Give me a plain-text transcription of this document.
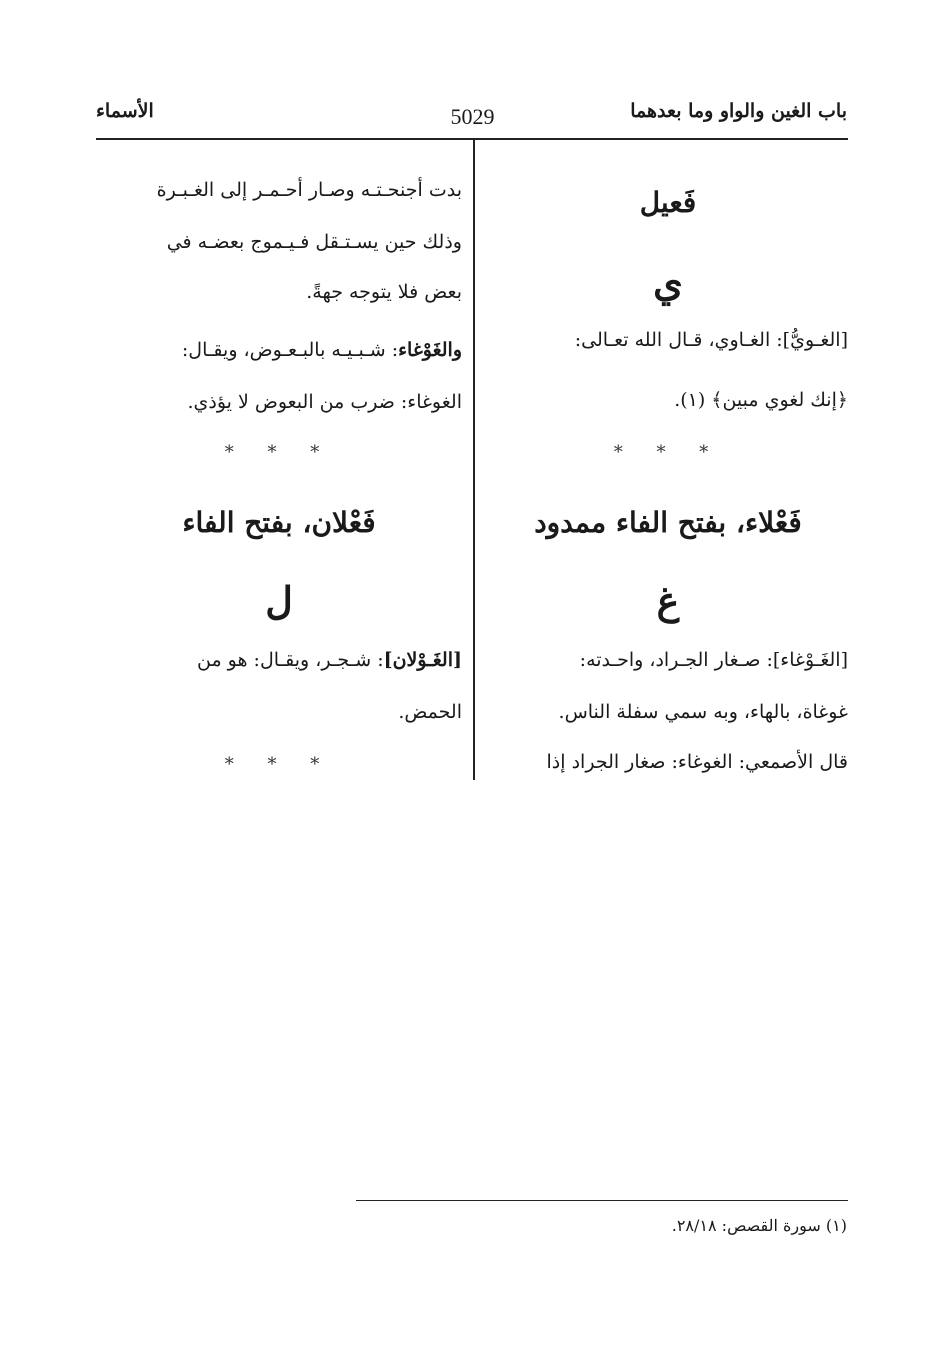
باب الغين والواو وما بعدهما
5029
الأسماء
فَعيل
ي
[الغـويُّ]: الغـاوي، قـال الله تعـالى:
﴿إنك لغوي مبين﴾ (١).
* * *
فَعْلاء، بفتح الفاء ممدود
غ
[الغَـوْغاء]: صـغار الجـراد، واحـدته:
غوغاة، بالهاء، وبه سمي سفلة الناس.
قال الأصمعي: الغوغاء: صغار الجراد إذا
بدت أجنحـتـه وصـار أحـمـر إلى الغـبـرة
وذلك حين يسـتـقل فـيـموج بعضـه في
بعض فلا يتوجه جهةً.
والغَوْغاء: شـبـيـه بالبـعـوض، ويقـال:
الغوغاء: ضرب من البعوض لا يؤذي.
* * *
فَعْلان، بفتح الفاء
ل
[الغَـوْلان]: شـجـر، ويقـال: هو من
الحمض.
* * *
(١) سورة القصص: ٢٨/١٨.
